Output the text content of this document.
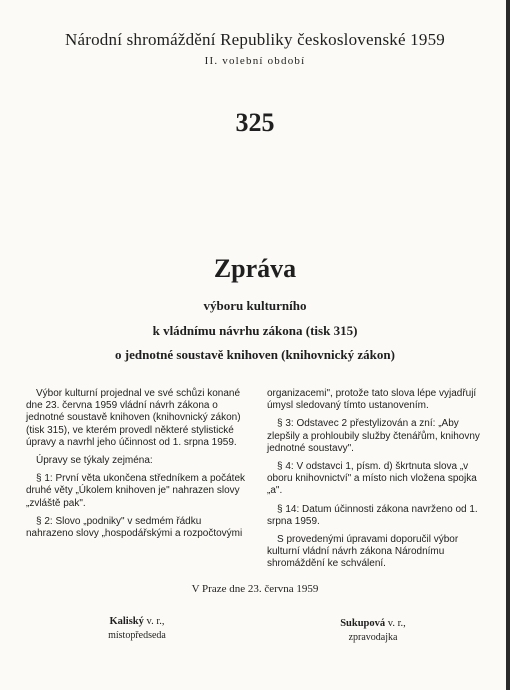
Národní shromáždění Republiky československé 1959
II. volební období
325
Zpráva
výboru kulturního
k vládnímu návrhu zákona (tisk 315)
o jednotné soustavě knihoven (knihovnický zákon)

Výbor kulturní projednal ve své schůzi konané dne 23. června 1959 vládní návrh zákona o jednotné soustavě knihoven (knihovnický zákon) (tisk 315), ve kterém provedl některé stylistické úpravy a navrhl jeho účinnost od 1. srpna 1959.

Úpravy se týkaly zejména:

§ 1: První věta ukončena středníkem a počátek druhé věty „Úkolem knihoven je" nahrazen slovy „zvláště pak".

§ 2: Slovo „podniky" v sedmém řádku nahrazeno slovy „hospodářskými a rozpočtovými

organizacemi", protože tato slova lépe vyjadřují úmysl sledovaný tímto ustanovením.

§ 3: Odstavec 2 přestylizován a zní: „Aby zlepšily a prohloubily služby čtenářům, knihovny jednotné soustavy".

§ 4: V odstavci 1, písm. d) škrtnuta slova „v oboru knihovnictví" a místo nich vložena spojka „a".

§ 14: Datum účinnosti zákona navrženo od 1. srpna 1959.

S provedenými úpravami doporučil výbor kulturní vládní návrh zákona Národnímu shromáždění ke schválení.

V Praze dne 23. června 1959
Kaliský v. r.,
místopředseda
Sukupová v. r.,
zpravodajka
